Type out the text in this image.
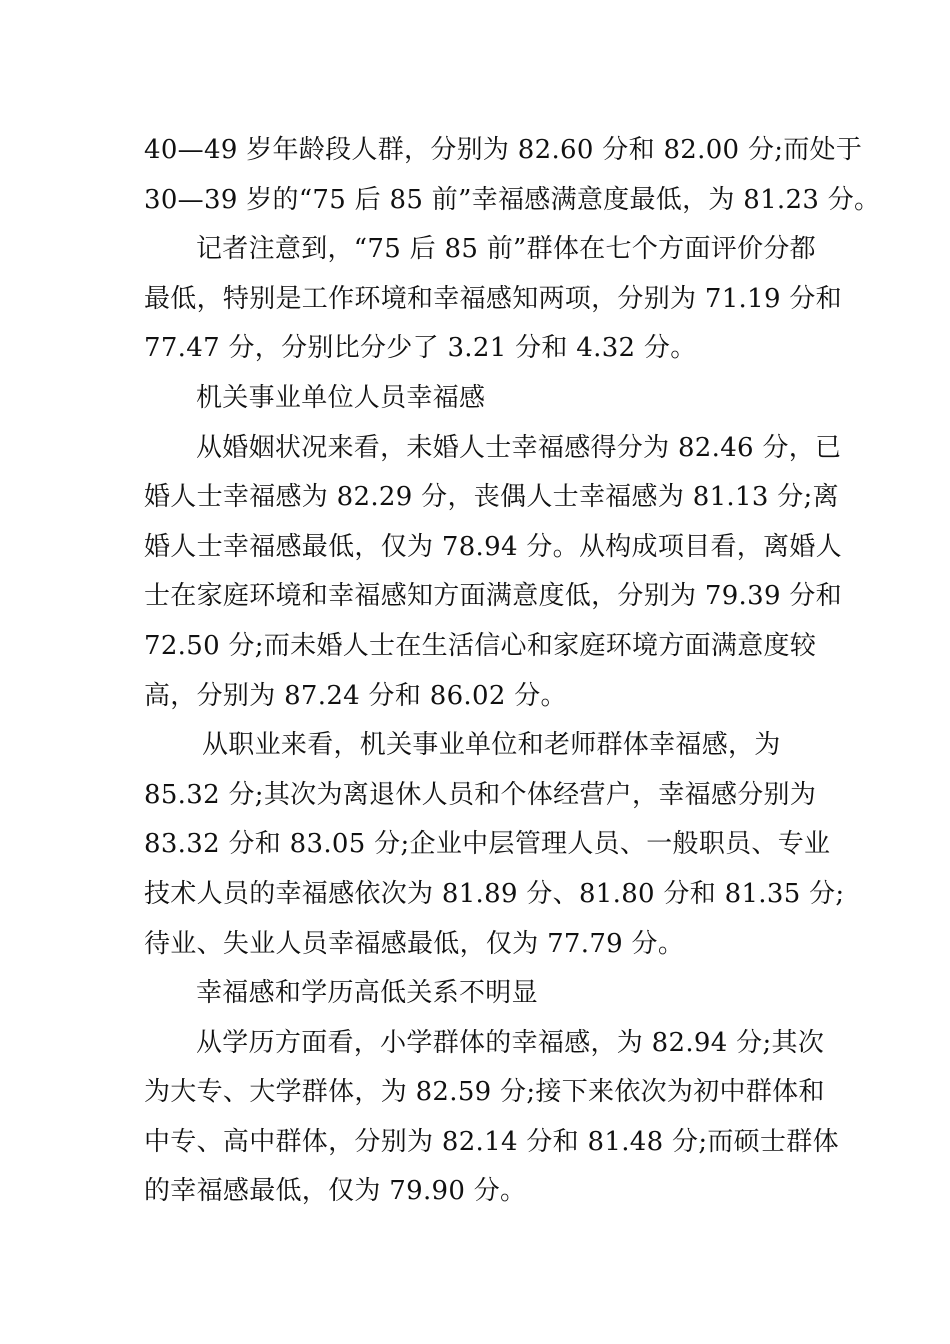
40—49 岁年龄段人群，分别为 82.60 分和 82.00 分;而处于
30—39 岁的“75 后 85 前”幸福感满意度最低，为 81.23 分。
记者注意到，“75 后 85 前”群体在七个方面评价分都
最低，特别是工作环境和幸福感知两项，分别为 71.19 分和
77.47 分，分别比分少了 3.21 分和 4.32 分。
机关事业单位人员幸福感
从婚姻状况来看，未婚人士幸福感得分为 82.46 分，已
婚人士幸福感为 82.29 分，丧偶人士幸福感为 81.13 分;离
婚人士幸福感最低，仅为 78.94 分。从构成项目看，离婚人
士在家庭环境和幸福感知方面满意度低，分别为 79.39 分和
72.50 分;而未婚人士在生活信心和家庭环境方面满意度较
高，分别为 87.24 分和 86.02 分。
从职业来看，机关事业单位和老师群体幸福感，为
85.32 分;其次为离退休人员和个体经营户，幸福感分别为
83.32 分和 83.05 分;企业中层管理人员、一般职员、专业
技术人员的幸福感依次为 81.89 分、81.80 分和 81.35 分;
待业、失业人员幸福感最低，仅为 77.79 分。
幸福感和学历高低关系不明显
从学历方面看，小学群体的幸福感，为 82.94 分;其次
为大专、大学群体，为 82.59 分;接下来依次为初中群体和
中专、高中群体，分别为 82.14 分和 81.48 分;而硕士群体
的幸福感最低，仅为 79.90 分。
